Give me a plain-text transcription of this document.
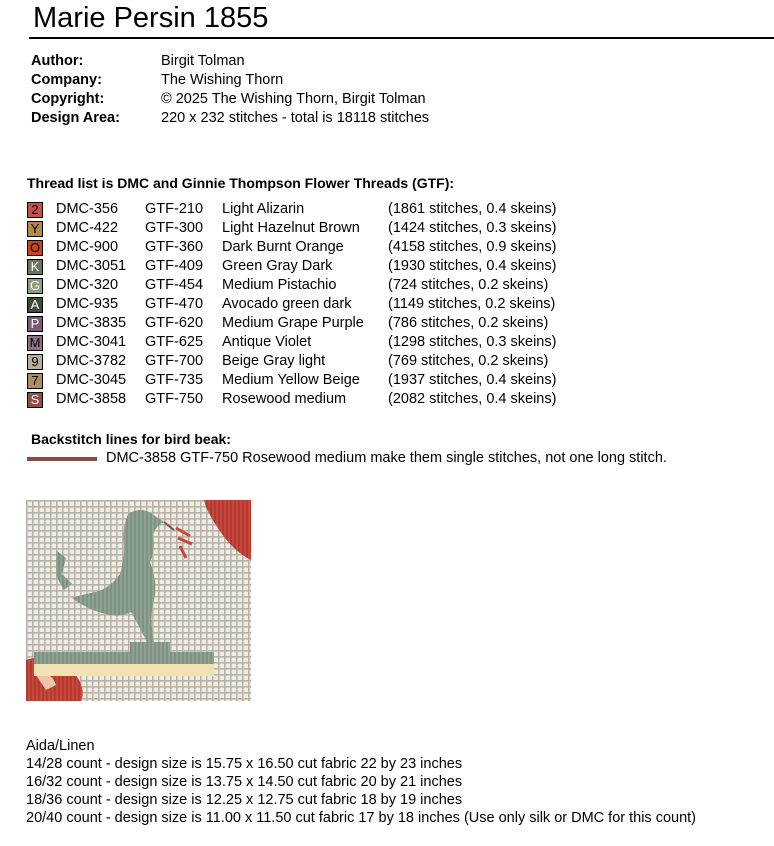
Marie Persin 1855
Author:	Birgit Tolman
Company:	The Wishing Thorn
Copyright:	© 2025 The Wishing Thorn, Birgit Tolman
Design Area:	220 x 232 stitches - total is 18118 stitches
Thread list is DMC and Ginnie Thompson Flower Threads (GTF):
2	DMC-356 GTF-210 Light Alizarin	(1861 stitches, 0.4 skeins)
Y DMC-422 GTF-300 Light Hazelnut Brown (1424 stitches, 0.3 skeins)
O DMC-900 GTF-360 Dark Burnt Orange	(4158 stitches, 0.9 skeins)
K DMC-3051 GTF-409 Green Gray Dark	(1930 stitches, 0.4 skeins)
G DMC-320 GTF-454 Medium Pistachio	(724 stitches, 0.2 skeins)
A DMC-935 GTF-470 Avocado green dark	(1149 stitches, 0.2 skeins)
P DMC-3835 GTF-620 Medium Grape Purple (786 stitches, 0.2 skeins)
M DMC-3041 GTF-625 Antique Violet	(1298 stitches, 0.3 skeins)
9	DMC-3782 GTF-700 Beige Gray light	(769 stitches, 0.2 skeins)
7	DMC-3045 GTF-735 Medium Yellow Beige (1937 stitches, 0.4 skeins)
S DMC-3858 GTF-750 Rosewood medium	(2082 stitches, 0.4 skeins)
Backstitch lines for bird beak:
DMC-3858 GTF-750 Rosewood medium make them single stitches, not one long stitch.
Aida/Linen
14/28 count - design size is 15.75 x 16.50 cut fabric 22 by 23 inches
16/32 count - design size is 13.75 x 14.50 cut fabric 20 by 21 inches
18/36 count - design size is 12.25 x 12.75 cut fabric 18 by 19 inches
20/40 count - design size is 11.00 x 11.50 cut fabric 17 by 18 inches (Use only silk or DMC for this count)
